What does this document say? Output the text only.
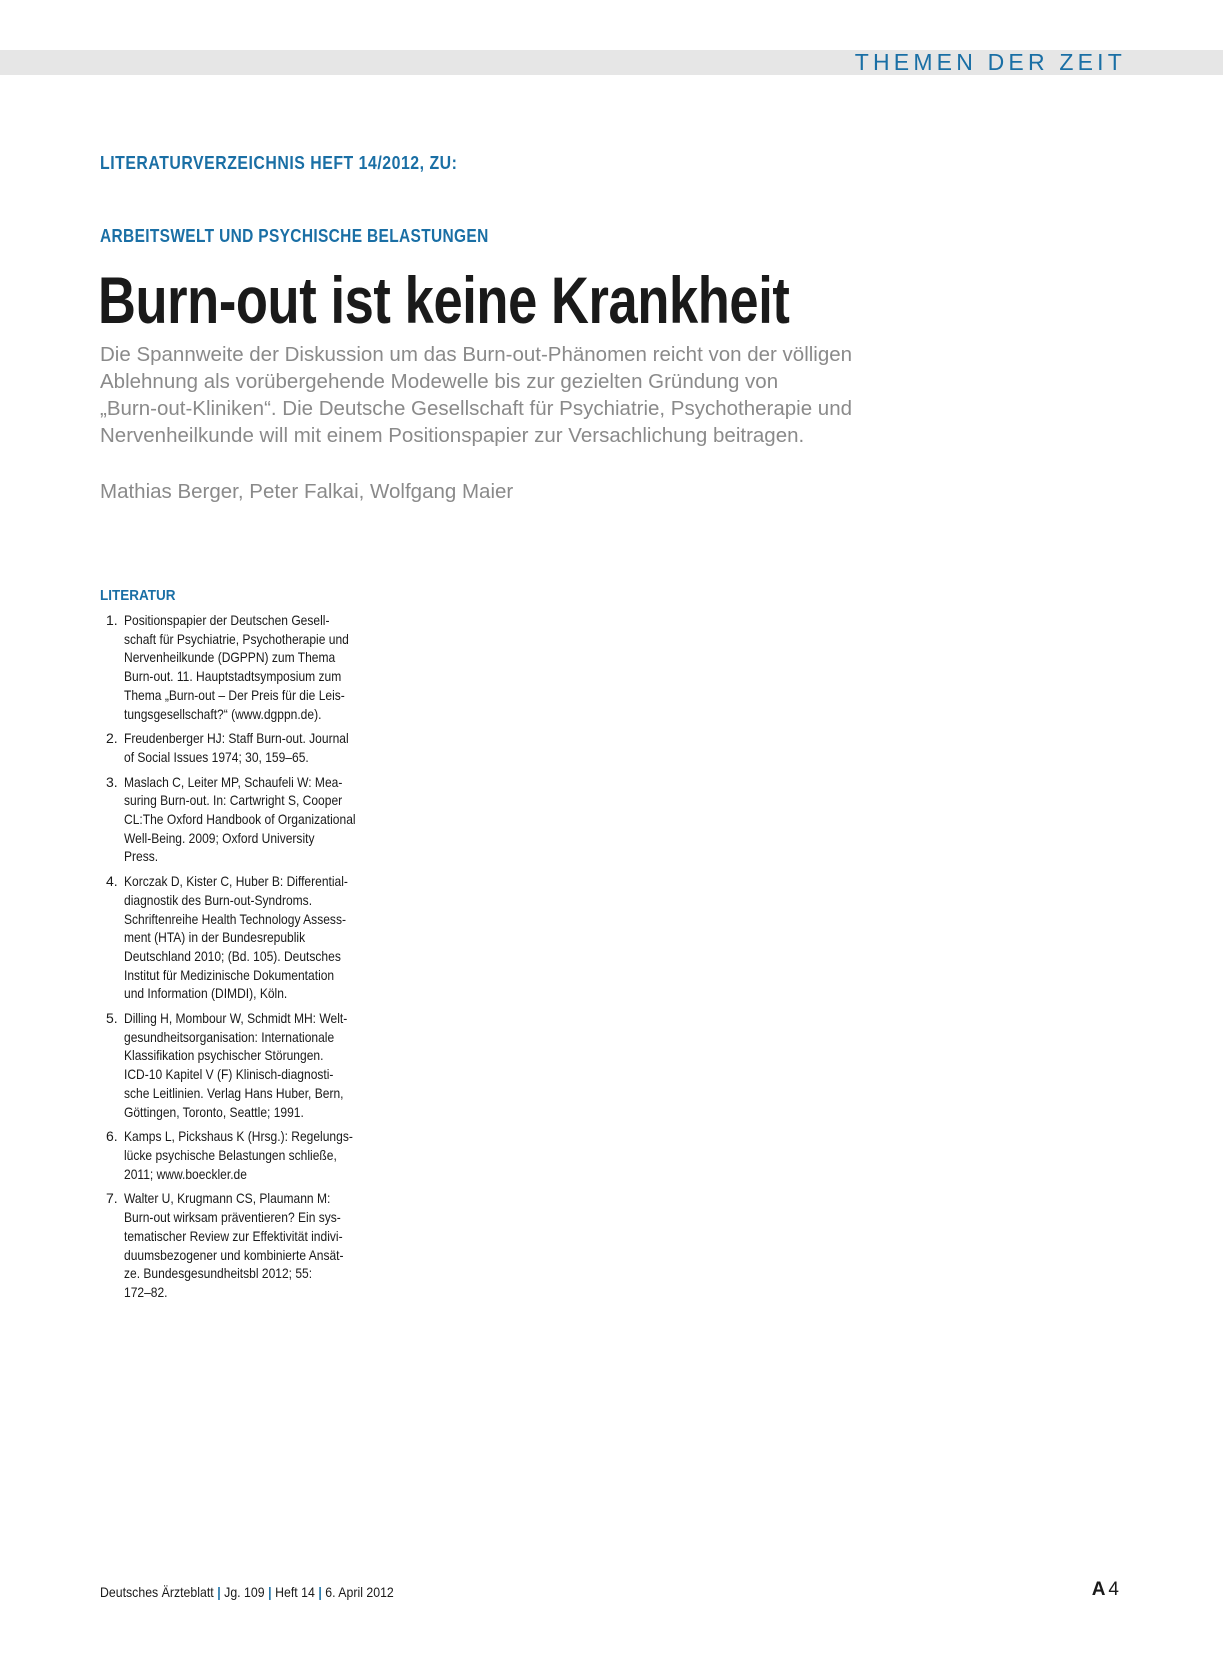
THEMEN DER ZEIT
LITERATURVERZEICHNIS HEFT 14/2012, ZU:
ARBEITSWELT UND PSYCHISCHE BELASTUNGEN
Burn-out ist keine Krankheit

Die Spannweite der Diskussion um das Burn-out-Phänomen reicht von der völligen
Ablehnung als vorübergehende Modewelle bis zur gezielten Gründung von
„Burn-out-Kliniken“. Die Deutsche Gesellschaft für Psychiatrie, Psychotherapie und
Nervenheilkunde will mit einem Positionspapier zur Versachlichung beitragen.

Mathias Berger, Peter Falkai, Wolfgang Maier
LITERATUR
1. Positionspapier der Deutschen Gesell-
schaft für Psychiatrie, Psychotherapie und
Nervenheilkunde (DGPPN) zum Thema
Burn-out. 11. Hauptstadtsymposium zum
Thema „Burn-out – Der Preis für die Leis-
tungsgesellschaft?“ (www.dgppn.de).
2. Freudenberger HJ: Staff Burn-out. Journal
of Social Issues 1974; 30, 159–65.
3. Maslach C, Leiter MP, Schaufeli W: Mea-
suring Burn-out. In: Cartwright S, Cooper
CL:The Oxford Handbook of Organizational
Well-Being. 2009; Oxford University
Press.
4. Korczak D, Kister C, Huber B: Differential-
diagnostik des Burn-out-Syndroms.
Schriftenreihe Health Technology Assess-
ment (HTA) in der Bundesrepublik
Deutschland 2010; (Bd. 105). Deutsches
Institut für Medizinische Dokumentation
und Information (DIMDI), Köln.
5. Dilling H, Mombour W, Schmidt MH: Welt-
gesundheitsorganisation: Internationale
Klassifikation psychischer Störungen.
ICD-10 Kapitel V (F) Klinisch-diagnosti-
sche Leitlinien. Verlag Hans Huber, Bern,
Göttingen, Toronto, Seattle; 1991.
6. Kamps L, Pickshaus K (Hrsg.): Regelungs-
lücke psychische Belastungen schließe,
2011; www.boeckler.de
7. Walter U, Krugmann CS, Plaumann M:
Burn-out wirksam präventieren? Ein sys-
tematischer Review zur Effektivität indivi-
duumsbezogener und kombinierte Ansät-
ze. Bundesgesundheitsbl 2012; 55:
172–82.
Deutsches Ärzteblatt | Jg. 109 | Heft 14 | 6. April 2012	A 4
